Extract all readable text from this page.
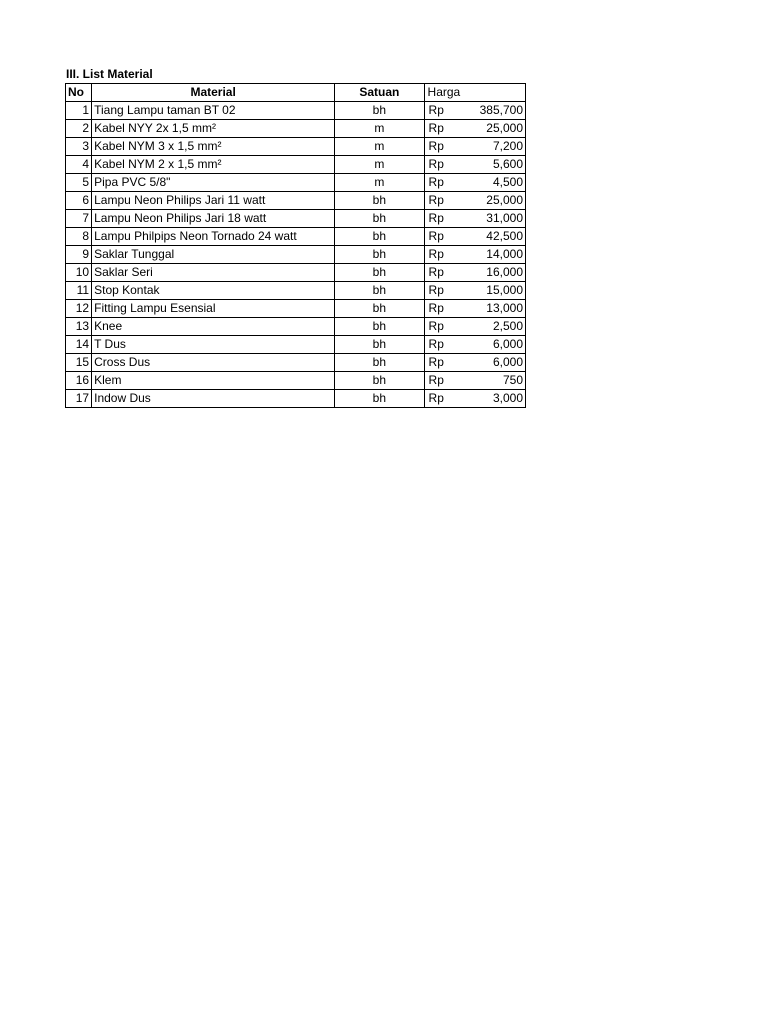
III. List Material
No	Material	Satuan	Harga
1	Tiang Lampu taman BT 02	bh	Rp 385,700

2	Kabel NYY 2x 1,5 mm²	m	Rp 25,000

3	Kabel NYM 3 x 1,5 mm²	m	Rp 7,200

4	Kabel NYM 2 x 1,5 mm²	m	Rp 5,600

5	Pipa PVC 5/8"	m	Rp 4,500

6	Lampu Neon Philips Jari 11 watt	bh	Rp 25,000

7	Lampu Neon Philips Jari 18 watt	bh	Rp 31,000

8	Lampu Philpips Neon Tornado 24 watt	bh	Rp 42,500

9	Saklar Tunggal	bh	Rp 14,000

10	Saklar Seri	bh	Rp 16,000

11	Stop Kontak	bh	Rp 15,000

12	Fitting Lampu Esensial	bh	Rp 13,000

13	Knee	bh	Rp 2,500

14	T Dus	bh	Rp 6,000

15	Cross Dus	bh	Rp 6,000

16	Klem	bh	Rp 750

17	Indow Dus	bh	Rp 3,000
